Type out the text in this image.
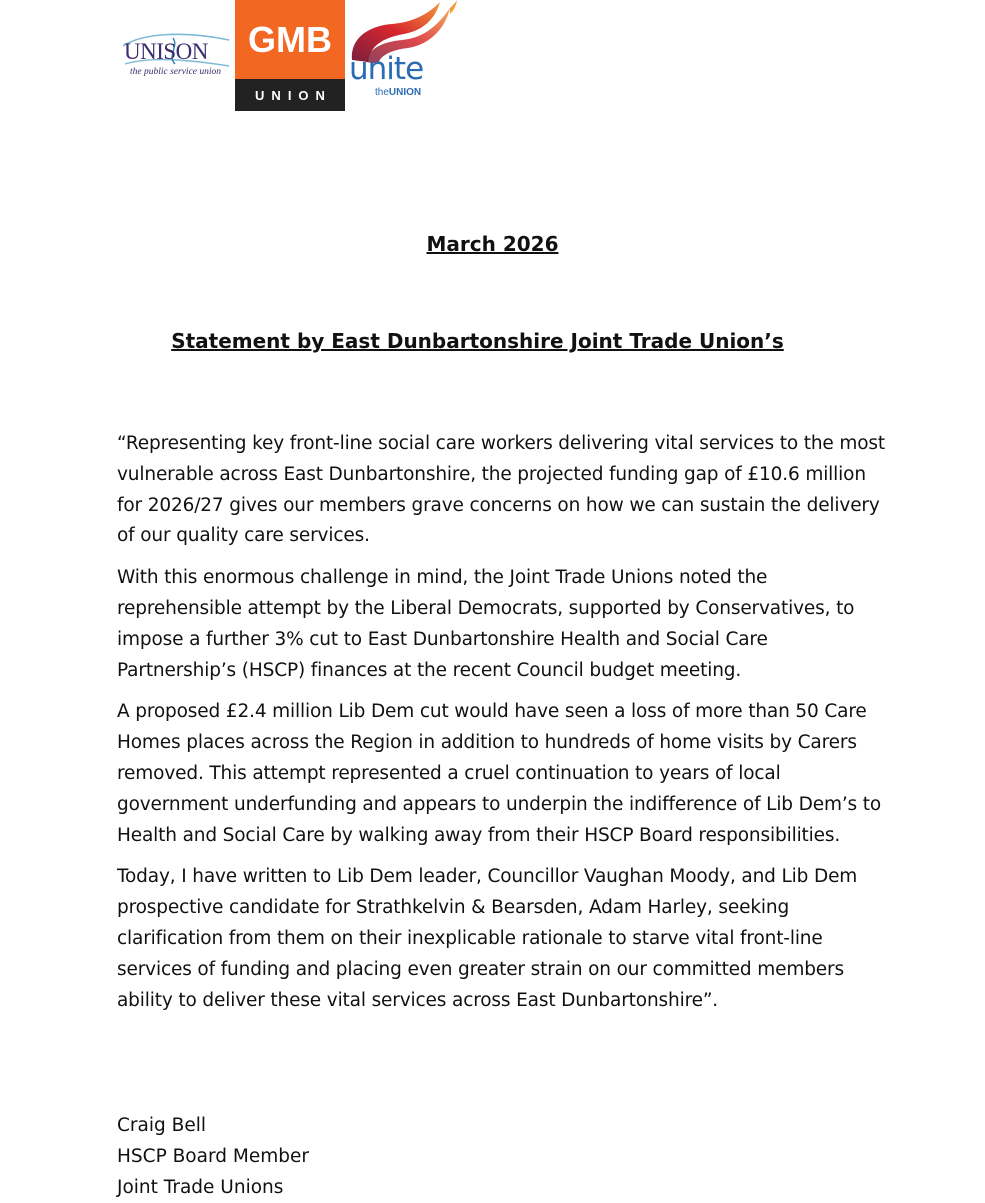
UNISON
the public service union
GMB
UNION
unite
theUNION
March 2026
Statement by East Dunbartonshire Joint Trade Union’s

“Representing key front-line social care workers delivering vital services to the most vulnerable across East Dunbartonshire, the projected funding gap of £10.6 million for 2026/27 gives our members grave concerns on how we can sustain the delivery of our quality care services.

With this enormous challenge in mind, the Joint Trade Unions noted the reprehensible attempt by the Liberal Democrats, supported by Conservatives, to impose a further 3% cut to East Dunbartonshire Health and Social Care Partnership’s (HSCP) finances at the recent Council budget meeting.

A proposed £2.4 million Lib Dem cut would have seen a loss of more than 50 Care Homes places across the Region in addition to hundreds of home visits by Carers removed. This attempt represented a cruel continuation to years of local government underfunding and appears to underpin the indifference of Lib Dem’s to Health and Social Care by walking away from their HSCP Board responsibilities.

Today, I have written to Lib Dem leader, Councillor Vaughan Moody, and Lib Dem prospective candidate for Strathkelvin & Bearsden, Adam Harley, seeking clarification from them on their inexplicable rationale to starve vital front-line services of funding and placing even greater strain on our committed members ability to deliver these vital services across East Dunbartonshire”.

Craig Bell
HSCP Board Member
Joint Trade Unions
